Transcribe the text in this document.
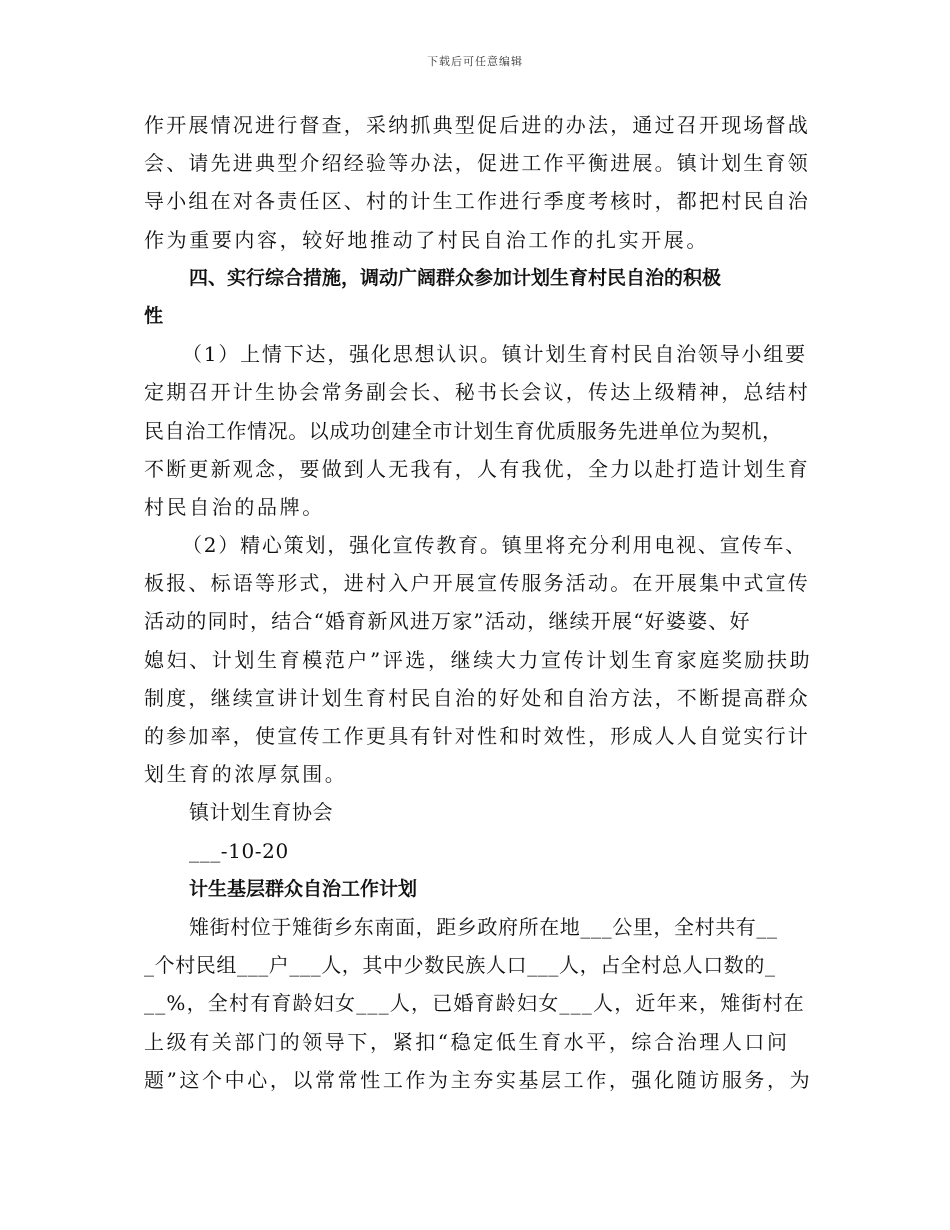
下载后可任意编辑
作开展情况进行督查，采纳抓典型促后进的办法，通过召开现场督战
会、请先进典型介绍经验等办法，促进工作平衡进展。镇计划生育领
导小组在对各责任区、村的计生工作进行季度考核时，都把村民自治
作为重要内容，较好地推动了村民自治工作的扎实开展。
四、实行综合措施，调动广阔群众参加计划生育村民自治的积极
性
（1）上情下达，强化思想认识。镇计划生育村民自治领导小组要
定期召开计生协会常务副会长、秘书长会议，传达上级精神，总结村
民自治工作情况。以成功创建全市计划生育优质服务先进单位为契机，
不断更新观念，要做到人无我有，人有我优，全力以赴打造计划生育
村民自治的品牌。
（2）精心策划，强化宣传教育。镇里将充分利用电视、宣传车、
板报、标语等形式，进村入户开展宣传服务活动。在开展集中式宣传
活动的同时，结合“婚育新风进万家”活动，继续开展“好婆婆、好
媳妇、计划生育模范户”评选，继续大力宣传计划生育家庭奖励扶助
制度，继续宣讲计划生育村民自治的好处和自治方法，不断提高群众
的参加率，使宣传工作更具有针对性和时效性，形成人人自觉实行计
划生育的浓厚氛围。
镇计划生育协会
___-10-20
计生基层群众自治工作计划
雉街村位于雉街乡东南面，距乡政府所在地___公里，全村共有__
_个村民组___户___人，其中少数民族人口___人，占全村总人口数的_
__%，全村有育龄妇女___人，已婚育龄妇女___人，近年来，雉街村在
上级有关部门的领导下，紧扣“稳定低生育水平，综合治理人口问
题”这个中心，以常常性工作为主夯实基层工作，强化随访服务，为
